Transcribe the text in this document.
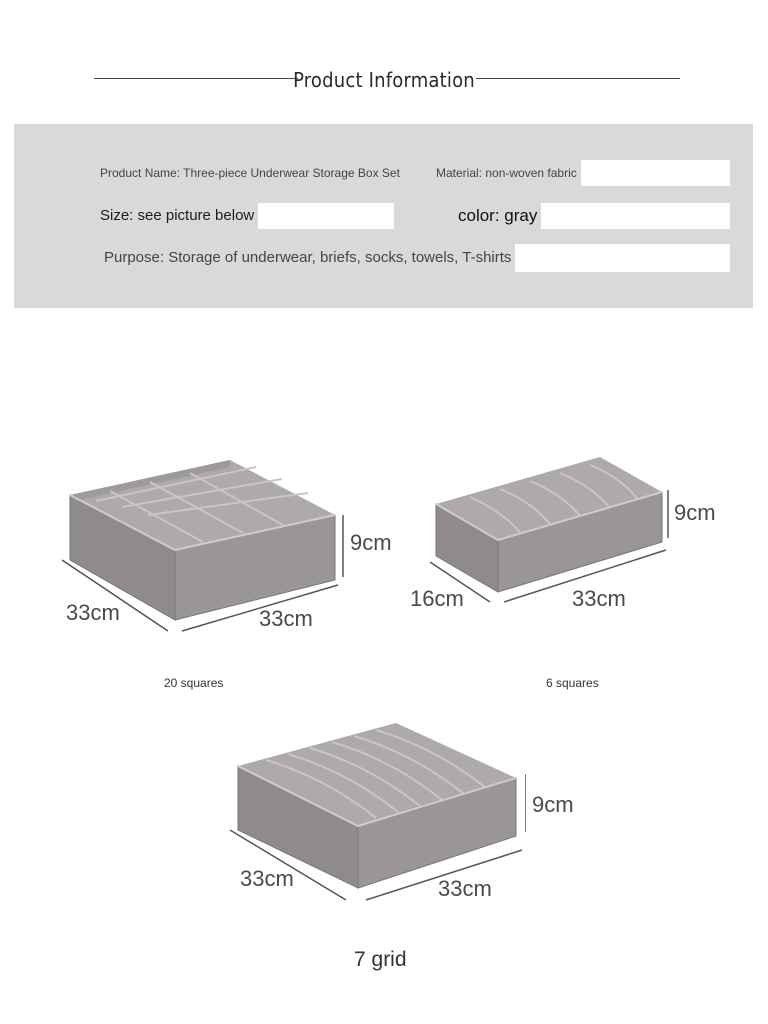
Product Information
Product Name: Three-piece Underwear Storage Box Set	Material: non-woven fabric
Size: see picture below	color: gray
Purpose: Storage of underwear, briefs, socks, towels, T-shirts
9cm
33cm	33cm
20 squares
9cm
16cm	33cm
6 squares
9cm
33cm	33cm
7 grid
